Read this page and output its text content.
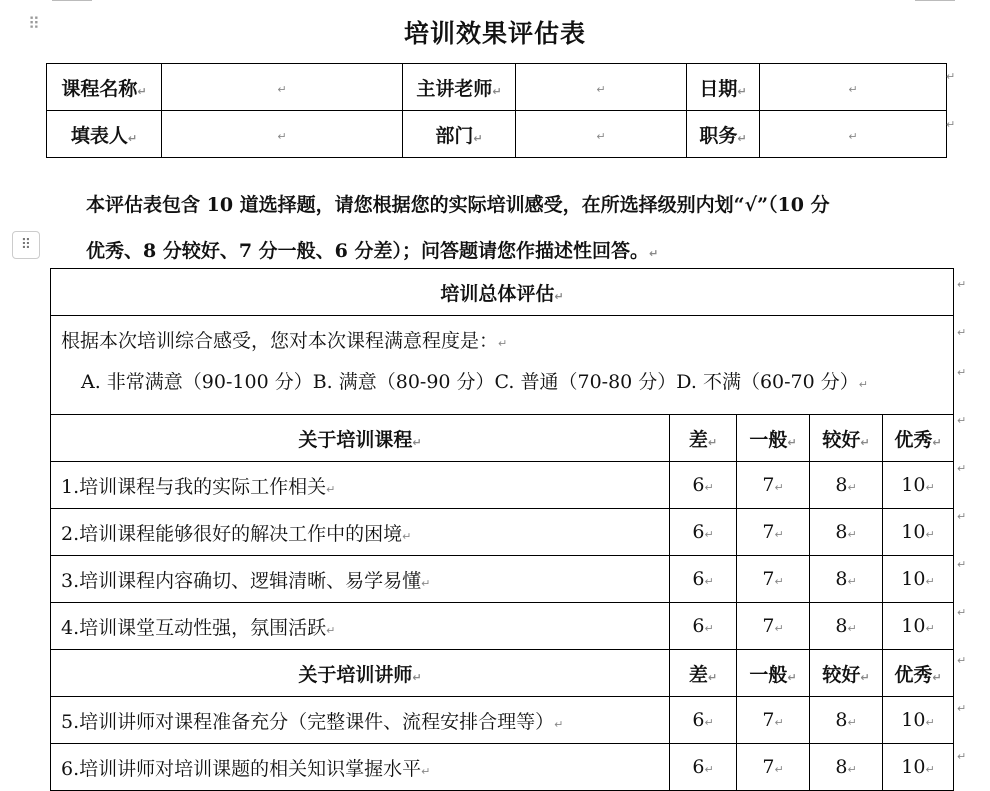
⠿
⠿
培训效果评估表
课程名称↵	↵	主讲老师↵	↵	日期↵	↵
填表人↵	↵	部门↵	↵	职务↵	↵
↵
↵
本评估表包含 10 道选择题，请您根据您的实际培训感受，在所选择级别内划“√”（10 分
优秀、8 分较好、7 分一般、6 分差）；问答题请您作描述性回答。↵
培训总体评估↵				

根据本次培训综合感受，您对本次课程满意程度是：↵
A. 非常满意（90-100 分）B. 满意（80-90 分）C. 普通（70-80 分）D. 不满（60-70 分）↵				

关于培训课程↵	差↵	一般↵	较好↵	优秀↵
1.培训课程与我的实际工作相关↵	6↵	7↵	8↵	10↵
2.培训课程能够很好的解决工作中的困境↵	6↵	7↵	8↵	10↵
3.培训课程内容确切、逻辑清晰、易学易懂↵	6↵	7↵	8↵	10↵
4.培训课堂互动性强，氛围活跃↵	6↵	7↵	8↵	10↵
关于培训讲师↵	差↵	一般↵	较好↵	优秀↵
5.培训讲师对课程准备充分（完整课件、流程安排合理等）↵	6↵	7↵	8↵	10↵
6.培训讲师对培训课题的相关知识掌握水平↵	6↵	7↵	8↵	10↵
↵
↵
↵
↵
↵
↵
↵
↵
↵
↵
↵
